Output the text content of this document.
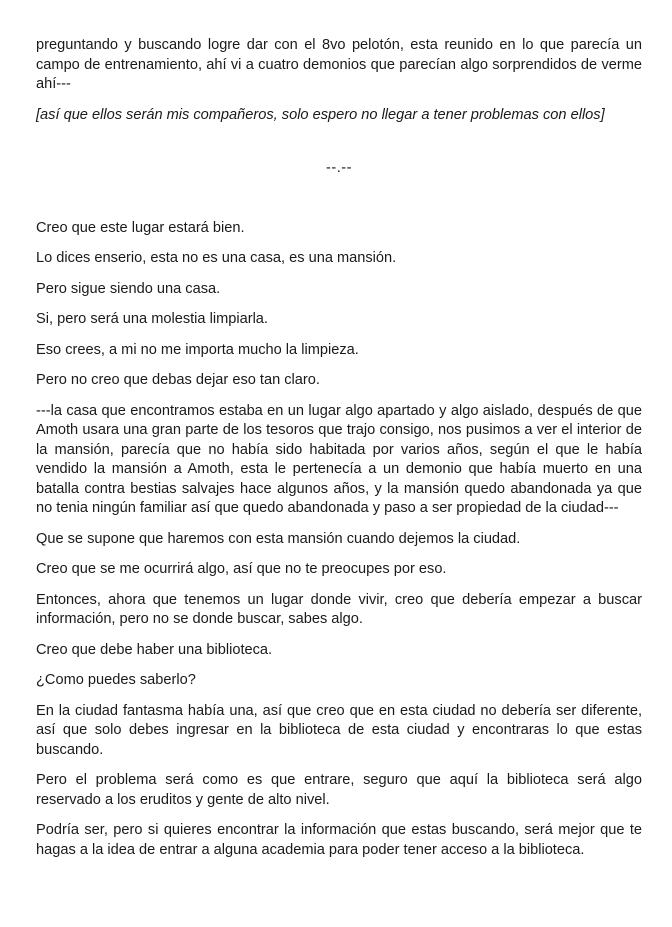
preguntando y buscando logre dar con el 8vo pelotón, esta reunido en lo que parecía un campo de entrenamiento, ahí vi a cuatro demonios que parecían algo sorprendidos de verme ahí---

[así que ellos serán mis compañeros, solo espero no llegar a tener problemas con ellos]

--.--

Creo que este lugar estará bien.

Lo dices enserio, esta no es una casa, es una mansión.

Pero sigue siendo una casa.

Si, pero será una molestia limpiarla.

Eso crees, a mi no me importa mucho la limpieza.

Pero no creo que debas dejar eso tan claro.

---la casa que encontramos estaba en un lugar algo apartado y algo aislado, después de que Amoth usara una gran parte de los tesoros que trajo consigo, nos pusimos a ver el interior de la mansión, parecía que no había sido habitada por varios años, según el que le había vendido la mansión a Amoth, esta le pertenecía a un demonio que había muerto en una batalla contra bestias salvajes hace algunos años, y la mansión quedo abandonada ya que no tenia ningún familiar así que quedo abandonada y paso a ser propiedad de la ciudad---

Que se supone que haremos con esta mansión cuando dejemos la ciudad.

Creo que se me ocurrirá algo, así que no te preocupes por eso.

Entonces, ahora que tenemos un lugar donde vivir, creo que debería empezar a buscar información, pero no se donde buscar, sabes algo.

Creo que debe haber una biblioteca.

¿Como puedes saberlo?

En la ciudad fantasma había una, así que creo que en esta ciudad no debería ser diferente, así que solo debes ingresar en la biblioteca de esta ciudad y encontraras lo que estas buscando.

Pero el problema será como es que entrare, seguro que aquí la biblioteca será algo reservado a los eruditos y gente de alto nivel.

Podría ser, pero si quieres encontrar la información que estas buscando, será mejor que te hagas a la idea de entrar a alguna academia para poder tener acceso a la biblioteca.
